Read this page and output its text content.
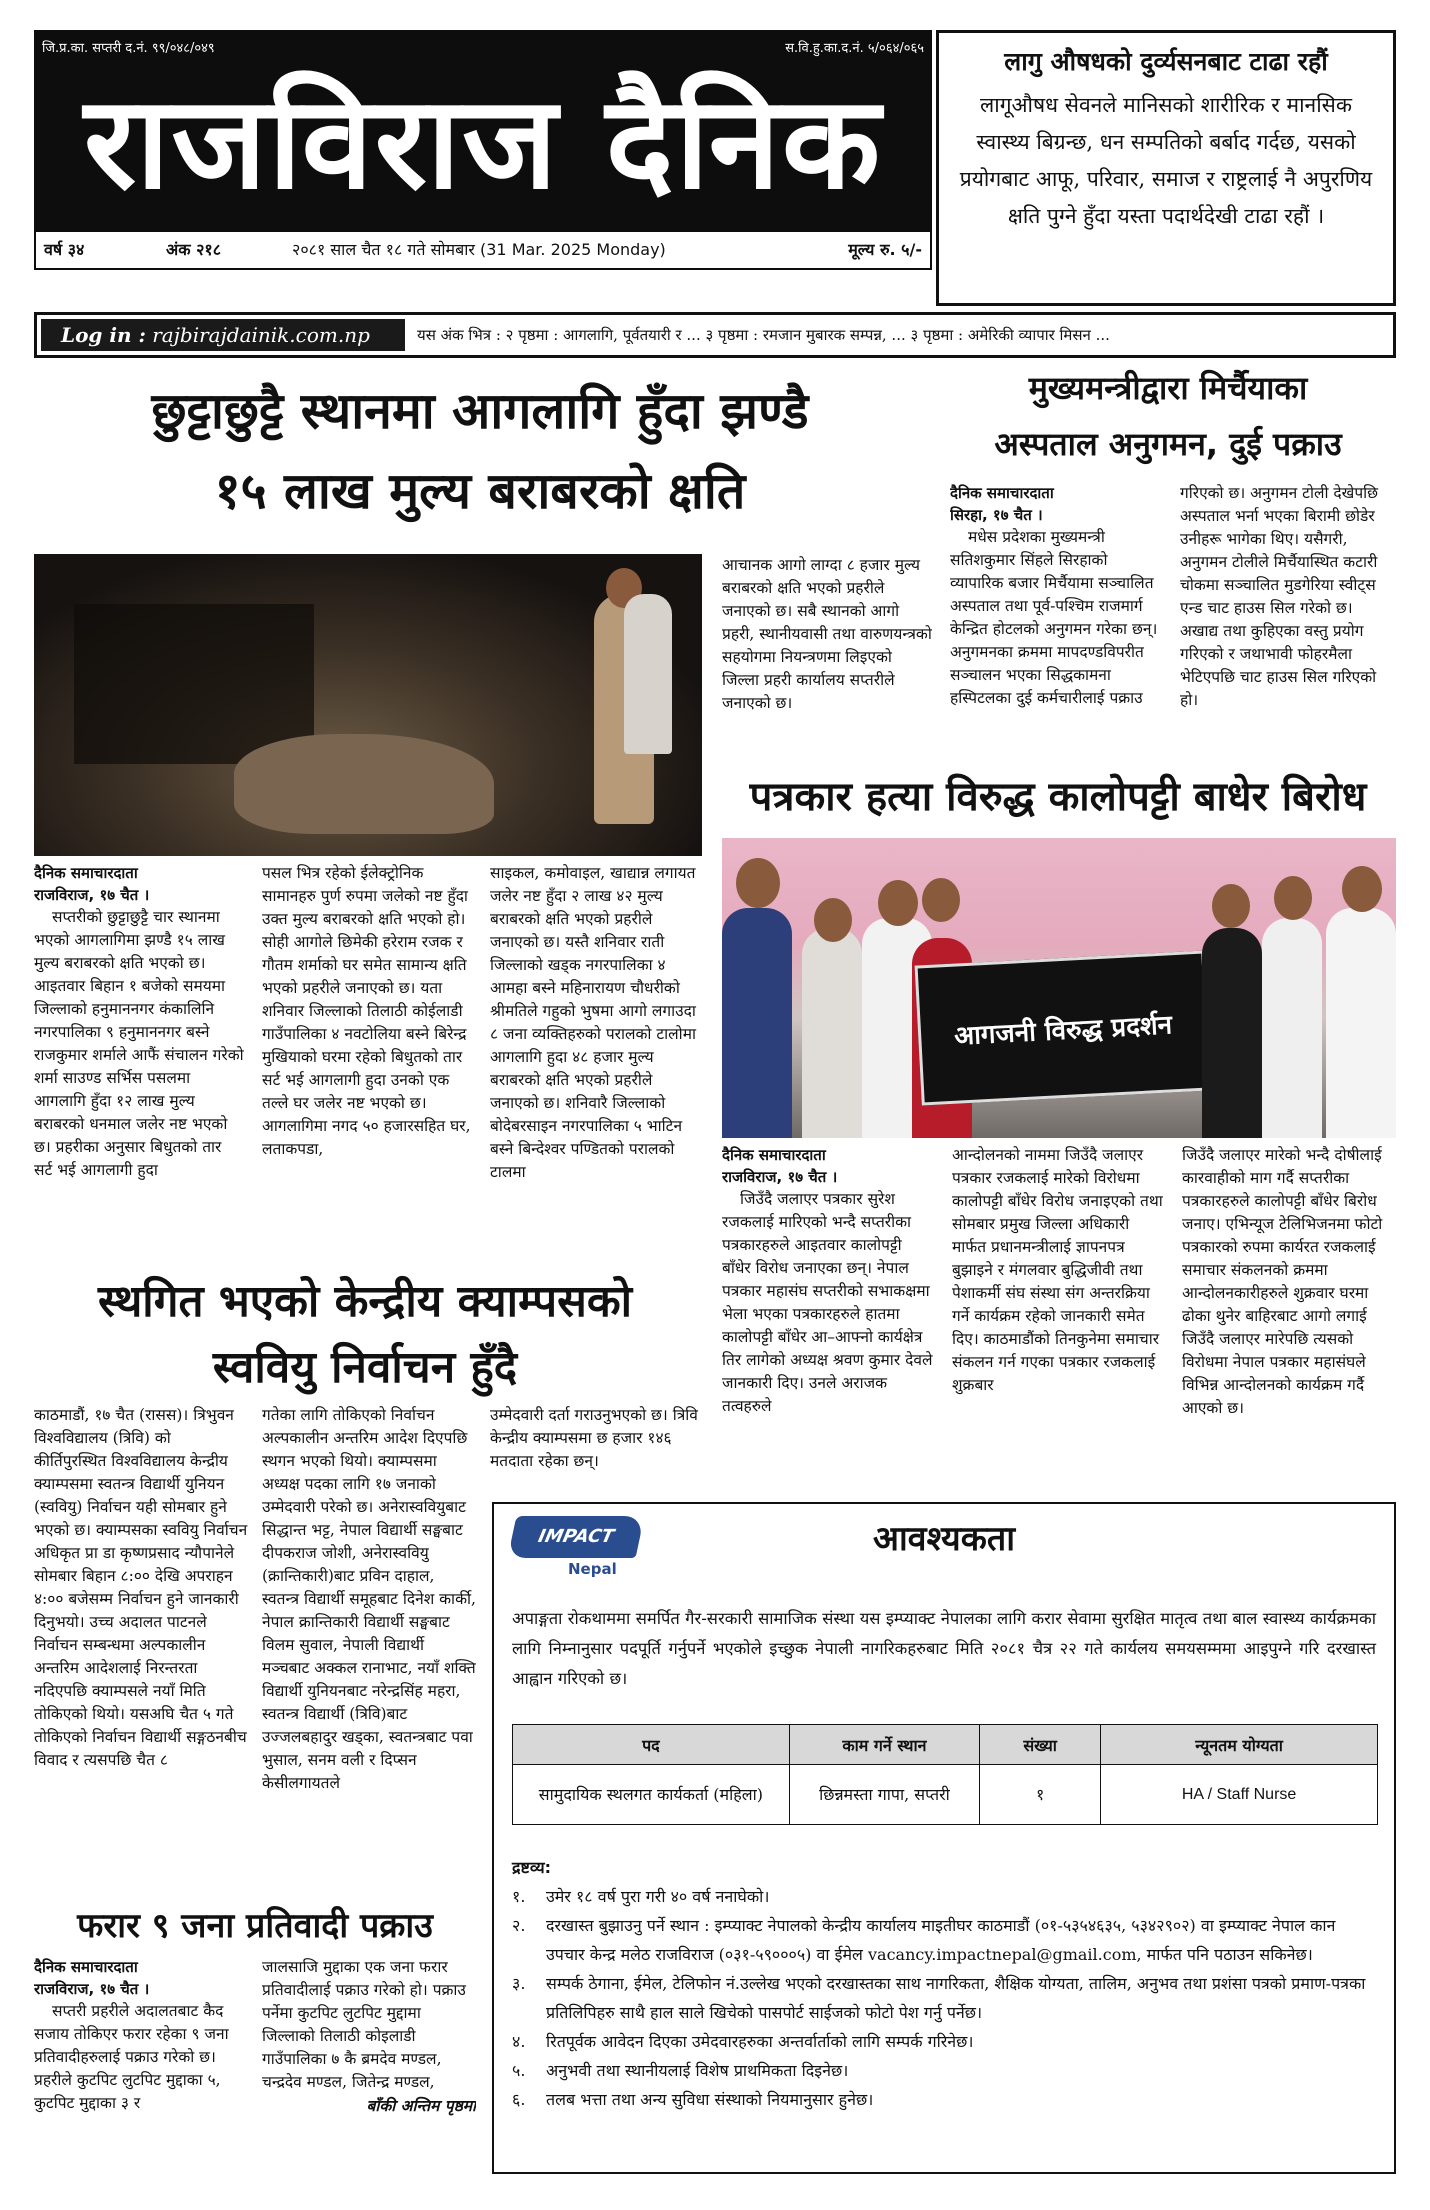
जि.प्र.का. सप्तरी द.नं. ९९/०४८/०४९	स.वि.हु.का.द.नं. ५/०६४/०६५
राजविराज दैनिक
वर्ष ३४	अंक २१८	२०८१ साल चैत १८ गते सोमबार (31 Mar. 2025 Monday)	मूल्य रु. ५/-
लागु औषधको दुर्व्यसनबाट टाढा रहौं

लागूऔषध सेवनले मानिसको शारीरिक र मानसिक स्वास्थ्य बिग्रन्छ, धन सम्पतिको बर्बाद गर्दछ, यसको प्रयोगबाट आफू, परिवार, समाज र राष्ट्रलाई नै अपुरणिय क्षति पुग्ने हुँदा यस्ता पदार्थदेखी टाढा रहौं ।

Log in : rajbirajdainik.com.np	यस अंक भित्र : २ पृष्ठमा : आगलागि, पूर्वतयारी र ... ३ पृष्ठमा : रमजान मुबारक सम्पन्न, ... ३ पृष्ठमा : अमेरिकी व्यापार मिसन ...
छुट्टाछुट्टै स्थानमा आगलागि हुँदा झण्डै
१५ लाख मुल्य बराबरको क्षति

आचानक आगो लाग्दा ८ हजार मुल्य बराबरको क्षति भएको प्रहरीले जनाएको छ। सबै स्थानको आगो प्रहरी, स्थानीयवासी तथा वारुणयन्त्रको सहयोगमा नियन्त्रणमा लिइएको जिल्ला प्रहरी कार्यालय सप्तरीले जनाएको छ।

दैनिक समाचारदाता

राजविराज, १७ चैत ।

सप्तरीको छुट्टाछुट्टै चार स्थानमा भएको आगलागिमा झण्डै १५ लाख मुल्य बराबरको क्षति भएको छ। आइतवार बिहान १ बजेको समयमा जिल्लाको हनुमाननगर कंकालिनि नगरपालिका ९ हनुमाननगर बस्ने राजकुमार शर्माले आफैं संचालन गरेको शर्मा साउण्ड सर्भिस पसलमा आगलागि हुँदा १२ लाख मुल्य बराबरको धनमाल जलेर नष्ट भएको छ। प्रहरीका अनुसार बिधुतको तार सर्ट भई आगलागी हुदा

पसल भित्र रहेको ईलेक्ट्रोनिक सामानहरु पुर्ण रुपमा जलेको नष्ट हुँदा उक्त मुल्य बराबरको क्षति भएको हो। सोही आगोले छिमेकी हरेराम रजक र गौतम शर्माको घर समेत सामान्य क्षति भएको प्रहरीले जनाएको छ। यता शनिवार जिल्लाको तिलाठी कोईलाडी गाउँपालिका ४ नवटोलिया बस्ने बिरेन्द्र मुखियाको घरमा रहेको बिधुतको तार सर्ट भई आगलागी हुदा उनको एक तल्ले घर जलेर नष्ट भएको छ। आगलागिमा नगद ५० हजारसहित घर, लताकपडा,

साइकल, कमोवाइल, खाद्यान्न लगायत जलेर नष्ट हुँदा २ लाख ४२ मुल्य बराबरको क्षति भएको प्रहरीले जनाएको छ। यस्तै शनिवार राती जिल्लाको खड्क नगरपालिका ४ आमहा बस्ने महिनारायण चौधरीको श्रीमतिले गहुको भुषमा आगो लगाउदा ८ जना व्यक्तिहरुको परालको टालोमा आगलागि हुदा ४८ हजार मुल्य बराबरको क्षति भएको प्रहरीले जनाएको छ। शनिवारै जिल्लाको बोदेबरसाइन नगरपालिका ५ भाटिन बस्ने बिन्देश्वर पण्डितको परालको टालमा

मुख्यमन्त्रीद्वारा मिर्चैयाका
अस्पताल अनुगमन, दुई पक्राउ

दैनिक समाचारदाता

सिरहा, १७ चैत ।

मधेस प्रदेशका मुख्यमन्त्री सतिशकुमार सिंहले सिरहाको व्यापारिक बजार मिर्चैयामा सञ्चालित अस्पताल तथा पूर्व-पश्चिम राजमार्ग केन्द्रित होटलको अनुगमन गरेका छन्। अनुगमनका क्रममा मापदण्डविपरीत सञ्चालन भएका सिद्धकामना हस्पिटलका दुई कर्मचारीलाई पक्राउ

गरिएको छ। अनुगमन टोली देखेपछि अस्पताल भर्ना भएका बिरामी छोडेर उनीहरू भागेका थिए। यसैगरी, अनुगमन टोलीले मिर्चैयास्थित कटारी चोकमा सञ्चालित मुडगेरिया स्वीट्स एन्ड चाट हाउस सिल गरेको छ। अखाद्य तथा कुहिएका वस्तु प्रयोग गरिएको र जथाभावी फोहरमैला भेटिएपछि चाट हाउस सिल गरिएको हो।

पत्रकार हत्या विरुद्ध कालोपट्टी बाधेर बिरोध
आगजनी विरुद्ध प्रदर्शन

दैनिक समाचारदाता

राजविराज, १७ चैत ।

जिउँदै जलाएर पत्रकार सुरेश रजकलाई मारिएको भन्दै सप्तरीका पत्रकारहरुले आइतवार कालोपट्टी बाँधेर विरोध जनाएका छन्। नेपाल पत्रकार महासंघ सप्तरीको सभाकक्षमा भेला भएका पत्रकारहरुले हातमा कालोपट्टी बाँधेर आ–आफ्नो कार्यक्षेत्र तिर लागेको अध्यक्ष श्रवण कुमार देवले जानकारी दिए। उनले अराजक तत्वहरुले

आन्दोलनको नाममा जिउँदै जलाएर पत्रकार रजकलाई मारेको विरोधमा कालोपट्टी बाँधेर विरोध जनाइएको तथा सोमबार प्रमुख जिल्ला अधिकारी मार्फत प्रधानमन्त्रीलाई ज्ञापनपत्र बुझाइने र मंगलवार बुद्धिजीवी तथा पेशाकर्मी संघ संस्था संग अन्तरक्रिया गर्ने कार्यक्रम रहेको जानकारी समेत दिए। काठमाडौंको तिनकुनेमा समाचार संकलन गर्न गएका पत्रकार रजकलाई शुक्रबार

जिउँदै जलाएर मारेको भन्दै दोषीलाई कारवाहीको माग गर्दै सप्तरीका पत्रकारहरुले कालोपट्टी बाँधेर बिरोध जनाए। एभिन्यूज टेलिभिजनमा फोटो पत्रकारको रुपमा कार्यरत रजकलाई समाचार संकलनको क्रममा आन्दोलनकारीहरुले शुक्रवार घरमा ढोका थुनेर बाहिरबाट आगो लगाई जिउँदै जलाएर मारेपछि त्यसको विरोधमा नेपाल पत्रकार महासंघले विभिन्न आन्दोलनको कार्यक्रम गर्दै आएको छ।

स्थगित भएको केन्द्रीय क्याम्पसको
स्ववियु निर्वाचन हुँदै

काठमाडौं, १७ चैत (रासस)। त्रिभुवन विश्वविद्यालय (त्रिवि) को कीर्तिपुरस्थित विश्वविद्यालय केन्द्रीय क्याम्पसमा स्वतन्त्र विद्यार्थी युनियन (स्ववियु) निर्वाचन यही सोमबार हुने भएको छ। क्याम्पसका स्ववियु निर्वाचन अधिकृत प्रा डा कृष्णप्रसाद न्यौपानेले सोमबार बिहान ८:०० देखि अपराहन ४:०० बजेसम्म निर्वाचन हुने जानकारी दिनुभयो। उच्च अदालत पाटनले निर्वाचन सम्बन्धमा अल्पकालीन अन्तरिम आदेशलाई निरन्तरता नदिएपछि क्याम्पसले नयाँ मिति तोकिएको थियो। यसअघि चैत ५ गते तोकिएको निर्वाचन विद्यार्थी सङ्गठनबीच विवाद र त्यसपछि चैत ८

गतेका लागि तोकिएको निर्वाचन अल्पकालीन अन्तरिम आदेश दिएपछि स्थगन भएको थियो। क्याम्पसमा अध्यक्ष पदका लागि १७ जनाको उम्मेदवारी परेको छ। अनेरास्ववियुबाट सिद्धान्त भट्ट, नेपाल विद्यार्थी सङ्घबाट दीपकराज जोशी, अनेरास्ववियु (क्रान्तिकारी)बाट प्रविन दाहाल, स्वतन्त्र विद्यार्थी समूहबाट दिनेश कार्की, नेपाल क्रान्तिकारी विद्यार्थी सङ्घबाट विलम सुवाल, नेपाली विद्यार्थी मञ्चबाट अक्कल रानाभाट, नयाँ शक्ति विद्यार्थी युनियनबाट नरेन्द्रसिंह महरा, स्वतन्त्र विद्यार्थी (त्रिवि)बाट उज्जलबहादुर खड्का, स्वतन्त्रबाट पवा भुसाल, सनम वली र दिप्सन केसीलगायतले

उम्मेदवारी दर्ता गराउनुभएको छ। त्रिवि केन्द्रीय क्याम्पसमा छ हजार १४६ मतदाता रहेका छन्।

फरार ९ जना प्रतिवादी पक्राउ

दैनिक समाचारदाता

राजविराज, १७ चैत ।

सप्तरी प्रहरीले अदालतबाट कैद सजाय तोकिएर फरार रहेका ९ जना प्रतिवादीहरुलाई पक्राउ गरेको छ। प्रहरीले कुटपिट लुटपिट मुद्दाका ५, कुटपिट मुद्दाका ३ र

जालसाजि मुद्दाका एक जना फरार प्रतिवादीलाई पक्राउ गरेको हो। पक्राउ पर्नेमा कुटपिट लुटपिट मुद्दामा जिल्लाको तिलाठी कोइलाडी गाउँपालिका ७ कै ब्रमदेव मण्डल, चन्द्रदेव मण्डल, जितेन्द्र मण्डल,

बाँकी अन्तिम पृष्ठमा

IMPACT
Nepal
आवश्यकता
अपाङ्गता रोकथाममा समर्पित गैर-सरकारी सामाजिक संस्था यस इम्प्याक्ट नेपालका लागि करार सेवामा सुरक्षित मातृत्व तथा बाल स्वास्थ्य कार्यक्रमका लागि निम्नानुसार पदपूर्ति गर्नुपर्ने भएकोले इच्छुक नेपाली नागरिकहरुबाट मिति २०८१ चैत्र २२ गते कार्यलय समयसम्ममा आइपुग्ने गरि दरखास्त आह्वान गरिएको छ।
पद	काम गर्ने स्थान	संख्या	न्यूनतम योग्यता
सामुदायिक स्थलगत कार्यकर्ता (महिला)	छिन्नमस्ता गापा, सप्तरी	१	HA / Staff Nurse
द्रष्टव्य:
१.	उमेर १८ वर्ष पुरा गरी ४० वर्ष ननाघेको।
२.	दरखास्त बुझाउनु पर्ने स्थान : इम्प्याक्ट नेपालको केन्द्रीय कार्यालय माइतीघर काठमाडौं (०१-५३५४६३५, ५३४२९०२) वा इम्प्याक्ट नेपाल कान उपचार केन्द्र मलेठ राजविराज (०३१-५९०००५) वा ईमेल vacancy.impactnepal@gmail.com, मार्फत पनि पठाउन सकिनेछ।
३.	सम्पर्क ठेगाना, ईमेल, टेलिफोन नं.उल्लेख भएको दरखास्तका साथ नागरिकता, शैक्षिक योग्यता, तालिम, अनुभव तथा प्रशंसा पत्रको प्रमाण-पत्रका प्रतिलिपिहरु साथै हाल साले खिचेको पासपोर्ट साईजको फोटो पेश गर्नु पर्नेछ।
४.	रितपूर्वक आवेदन दिएका उमेदवारहरुका अन्तर्वार्ताको लागि सम्पर्क गरिनेछ।
५.	अनुभवी तथा स्थानीयलाई विशेष प्राथमिकता दिइनेछ।
६.	तलब भत्ता तथा अन्य सुविधा संस्थाको नियमानुसार हुनेछ।
